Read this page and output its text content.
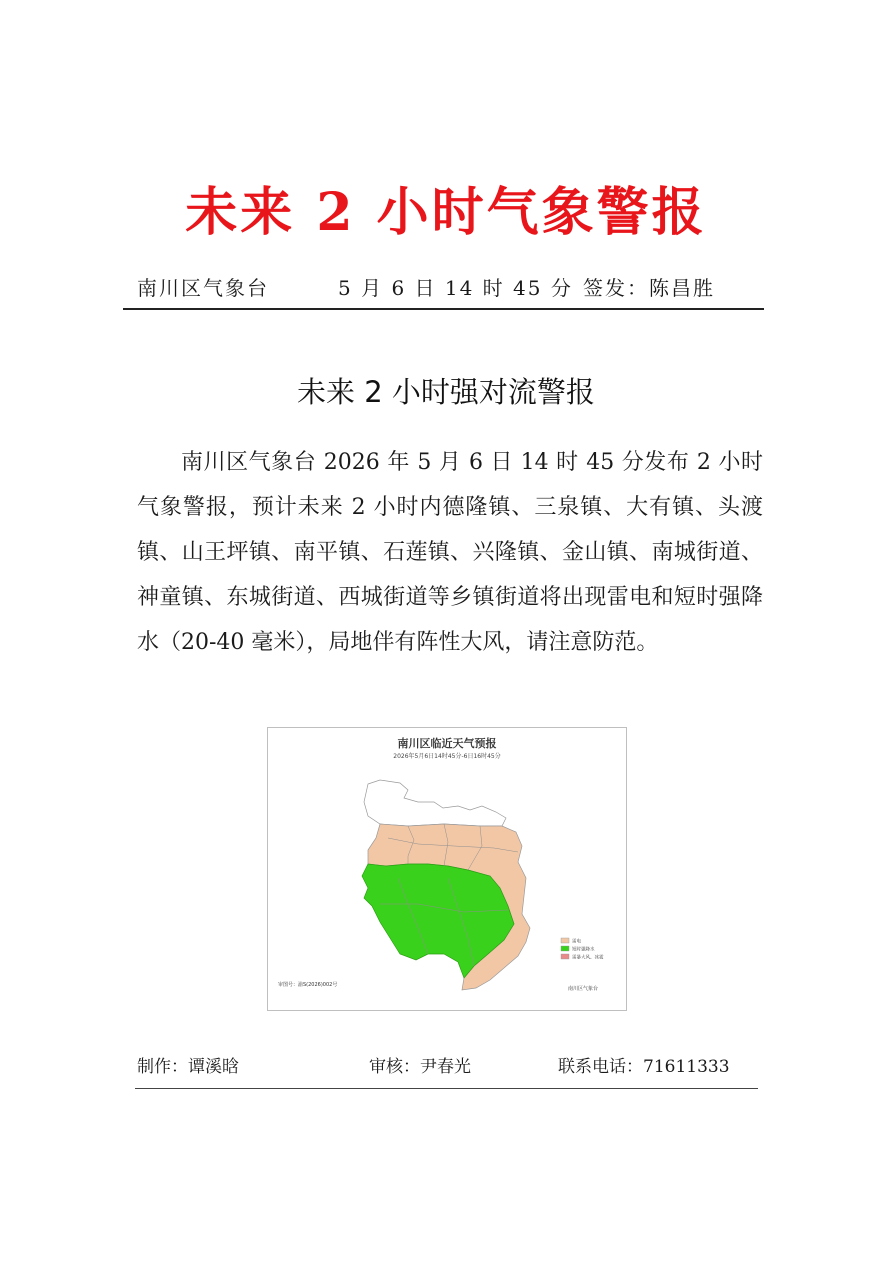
未来 2 小时气象警报
南川区气象台	5 月 6 日 14 时 45 分 签发：陈昌胜
未来 2 小时强对流警报
南川区气象台 2026 年 5 月 6 日 14 时 45 分发布 2 小时气象警报，预计未来 2 小时内德隆镇、三泉镇、大有镇、头渡镇、山王坪镇、南平镇、石莲镇、兴隆镇、金山镇、南城街道、神童镇、东城街道、西城街道等乡镇街道将出现雷电和短时强降水（20-40 毫米），局地伴有阵性大风，请注意防范。
南川区临近天气预报
2026年5月6日14时45分-6日16时45分
雷电
短时强降水
雷暴大风、冰雹
审图号：渝S(2026)002号
南川区气象台
制作：谭溪晗	审核：尹春光	联系电话：71611333
